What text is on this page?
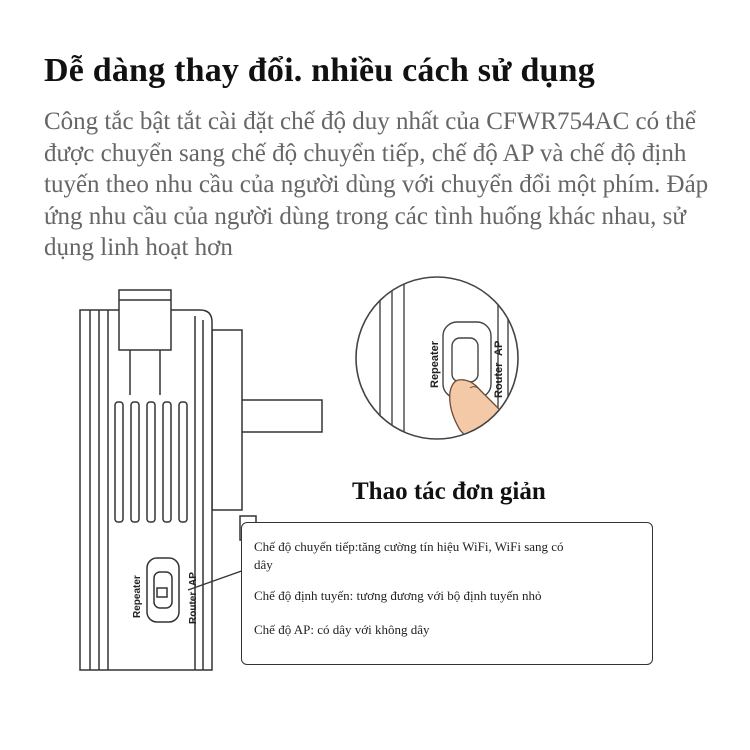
Dễ dàng thay đổi. nhiều cách sử dụng

Công tắc bật tắt cài đặt chế độ duy nhất của CFWR754AC có thể được chuyển sang chế độ chuyển tiếp, chế độ AP và chế độ định tuyến theo nhu cầu của người dùng với chuyển đổi một phím. Đáp ứng nhu cầu của người dùng trong các tình huống khác nhau, sử dụng linh hoạt hơn

Repeater	Router
AP
Repeater	Router
AP
Thao tác đơn giản

Chế độ chuyển tiếp:tăng cường tín hiệu WiFi, WiFi sang có dây

Chế độ định tuyến: tương đương với bộ định tuyến nhỏ

Chế độ AP: có dây với không dây
